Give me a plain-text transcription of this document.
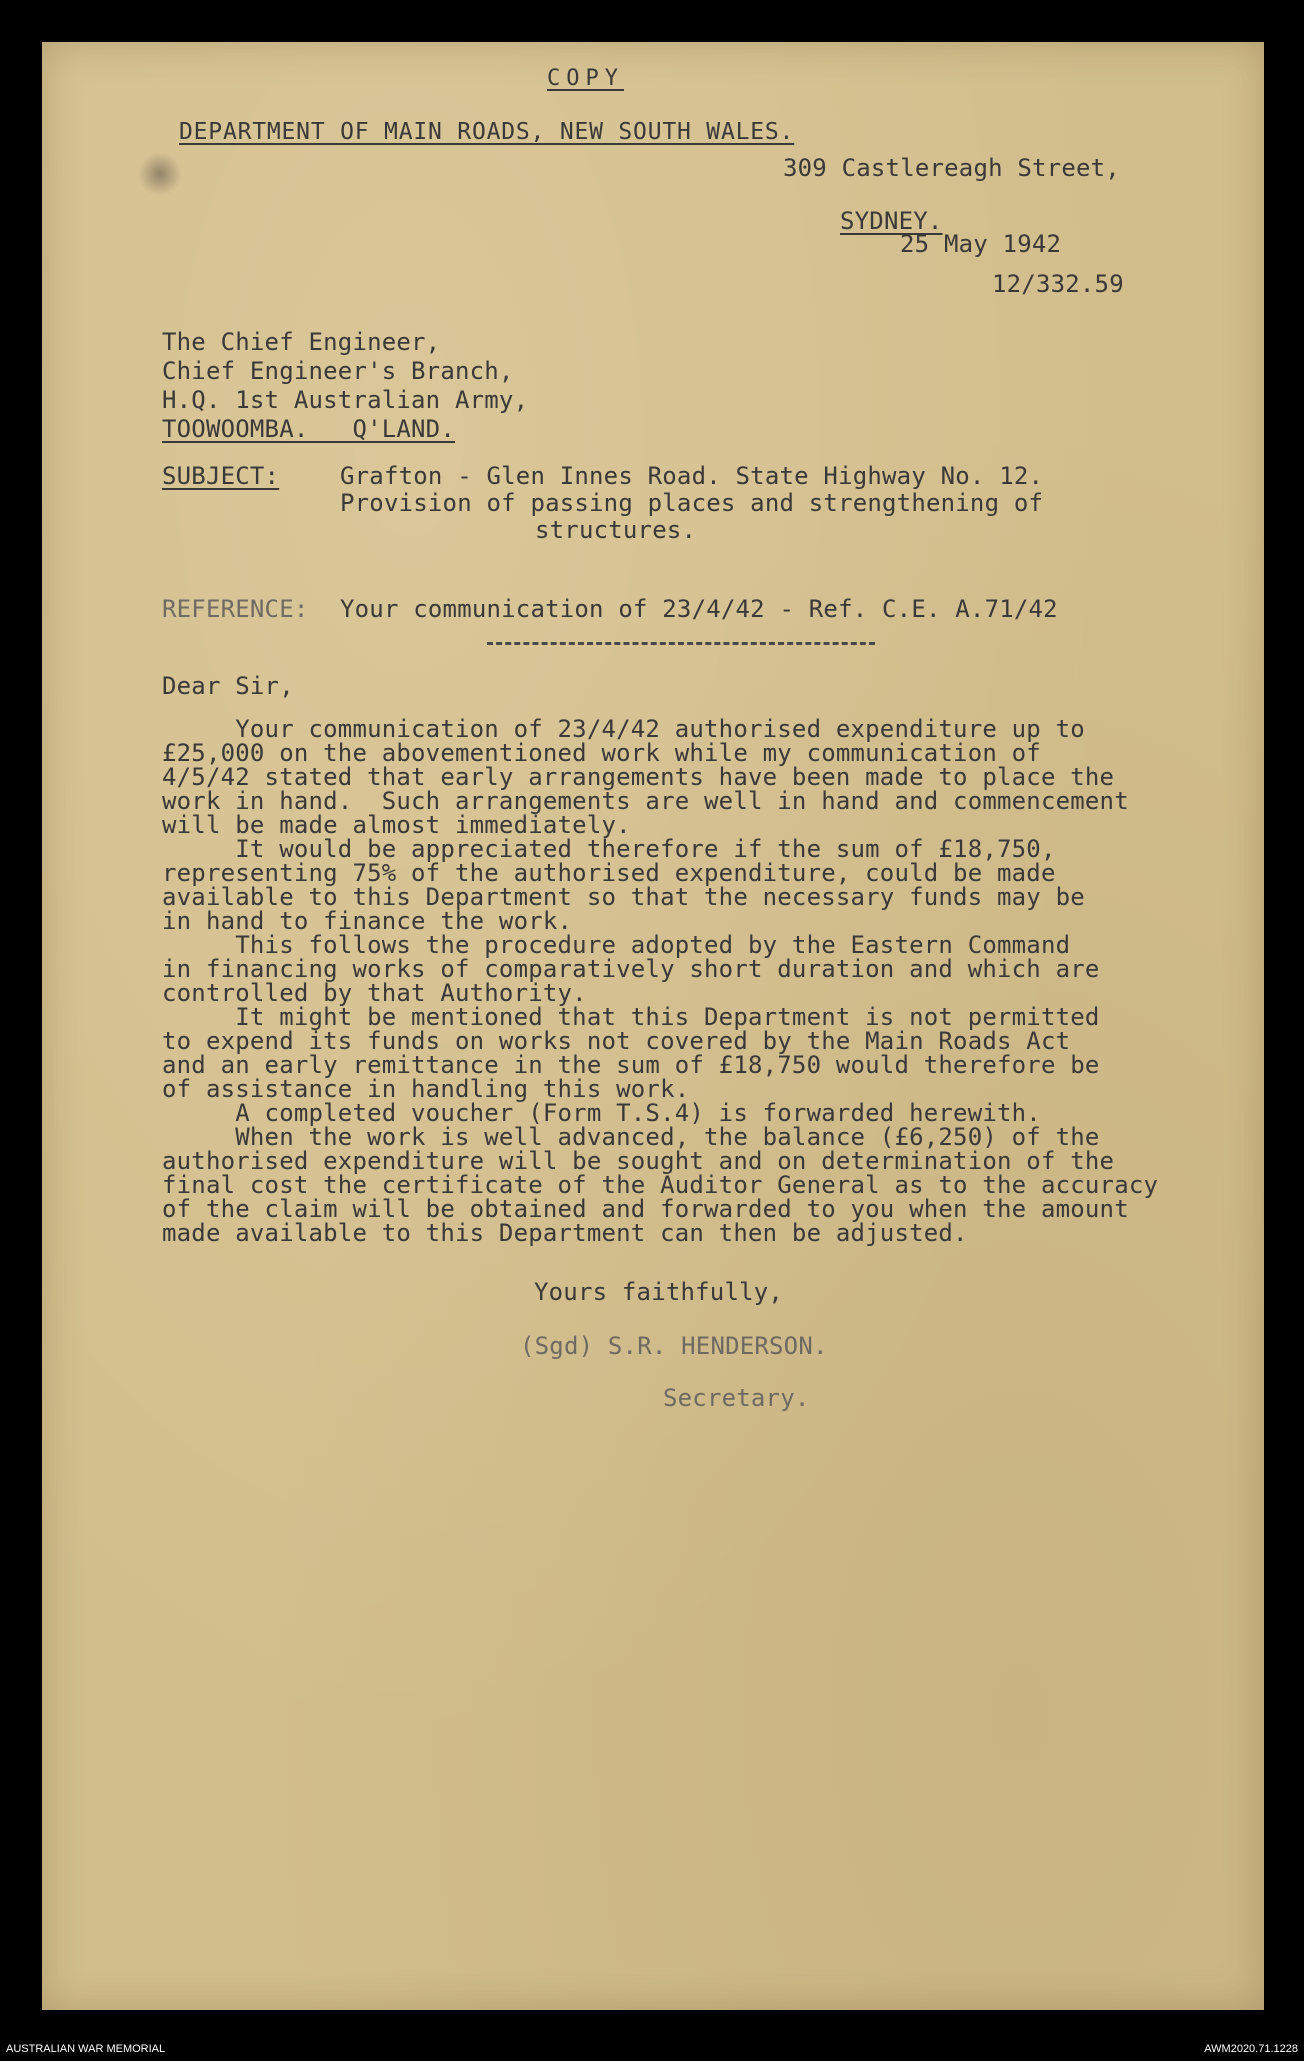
COPY
DEPARTMENT OF MAIN ROADS, NEW SOUTH WALES.
309 Castlereagh Street,
SYDNEY.
25 May 1942
12/332.59
The Chief Engineer,
Chief Engineer's Branch,
H.Q. 1st Australian Army,
TOOWOOMBA.   Q'LAND.
SUBJECT:	Grafton - Glen Innes Road. State Highway No. 12.
Provision of passing places and strengthening of
structures.
REFERENCE: Your communication of 23/4/42 - Ref. C.E. A.71/42
Dear Sir,
Your communication of 23/4/42 authorised expenditure up to
£25,000 on the abovementioned work while my communication of
4/5/42 stated that early arrangements have been made to place the
work in hand.  Such arrangements are well in hand and commencement
will be made almost immediately.
It would be appreciated therefore if the sum of £18,750,
representing 75% of the authorised expenditure, could be made
available to this Department so that the necessary funds may be
in hand to finance the work.
This follows the procedure adopted by the Eastern Command
in financing works of comparatively short duration and which are
controlled by that Authority.
It might be mentioned that this Department is not permitted
to expend its funds on works not covered by the Main Roads Act
and an early remittance in the sum of £18,750 would therefore be
of assistance in handling this work.
A completed voucher (Form T.S.4) is forwarded herewith.
When the work is well advanced, the balance (£6,250) of the
authorised expenditure will be sought and on determination of the
final cost the certificate of the Auditor General as to the accuracy
of the claim will be obtained and forwarded to you when the amount
made available to this Department can then be adjusted.
Yours faithfully,
(Sgd) S.R. HENDERSON.
Secretary.
AUSTRALIAN WAR MEMORIAL	AWM2020.71.1228
